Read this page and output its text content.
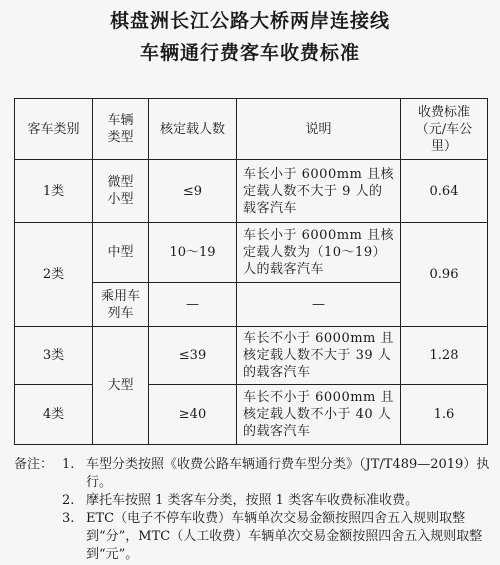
棋盘洲长江公路大桥两岸连接线
车辆通行费客车收费标准
客车类别	车辆类型	核定载人数	说明	收费标准（元/车公里）
1类	微型小型	≤9	车长小于 6000mm 且核定载人数不大于 9 人的载客汽车	0.64
2类	中型	10～19	车长小于 6000mm 且核定载人数为（10～19）人的载客汽车	0.96
	乘用车列车	—	—	
3类	大型	≤39	车长不小于 6000mm 且核定载人数不大于 39 人的载客汽车	1.28
4类		≥40	车长不小于 6000mm 且核定载人数不小于 40 人的载客汽车	1.6
备注： 1. 车型分类按照《收费公路车辆通行费车型分类》（JT/T489—2019）执行。
2. 摩托车按照 1 类客车分类，按照 1 类客车收费标准收费。
3. ETC（电子不停车收费）车辆单次交易金额按照四舍五入规则取整到“分”，MTC（人工收费）车辆单次交易金额按照四舍五入规则取整到“元”。
